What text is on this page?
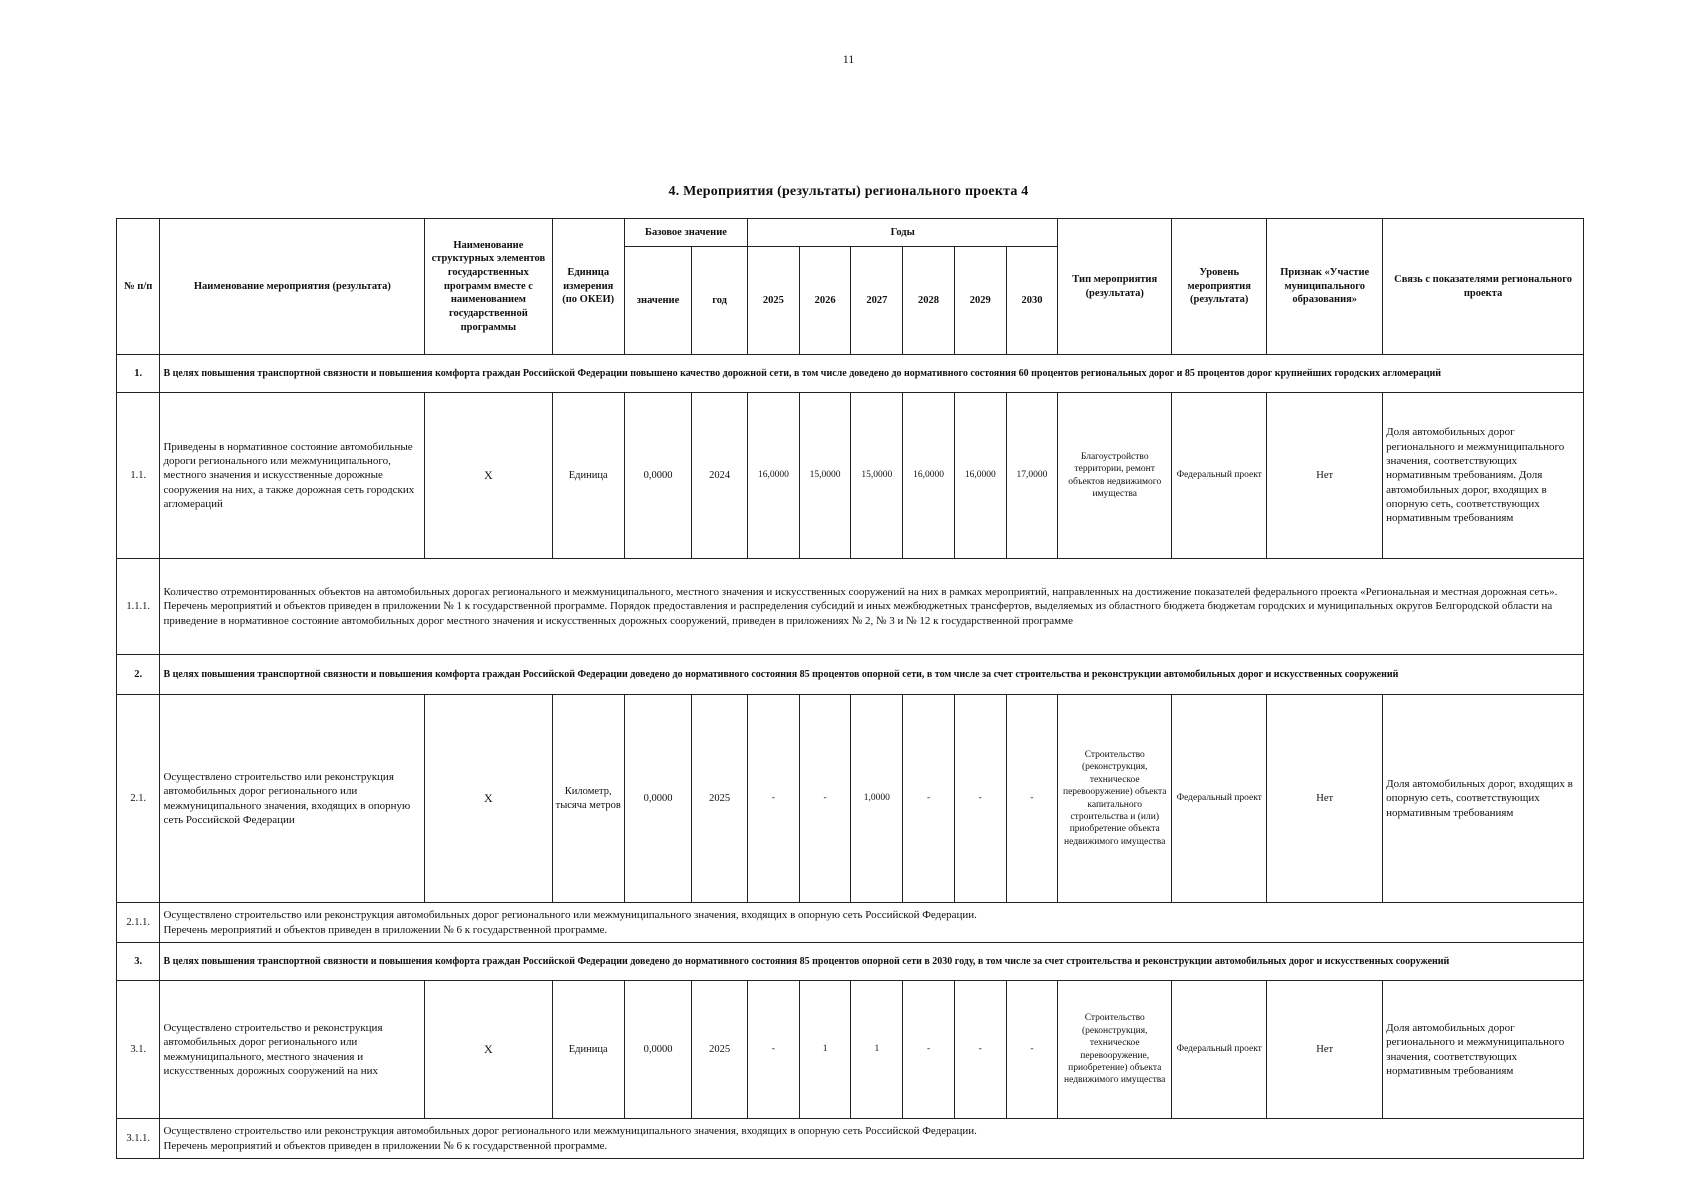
11
4. Мероприятия (результаты) регионального проекта 4
№ п/п	Наименование мероприятия (результата)	Наименование структурных элементов государственных программ вместе с наименованием государственной программы	Единица измерения (по ОКЕИ)	Базовое значение		Годы						Тип мероприятия (результата)	Уровень мероприятия (результата)	Признак «Участие муниципального образования»	Связь с показателями регионального проекта
				значение	год	2025	2026	2027	2028	2029	2030				
1.	В целях повышения транспортной связности и повышения комфорта граждан Российской Федерации повышено качество дорожной сети, в том числе доведено до нормативного состояния 60 процентов региональных дорог и 85 процентов дорог крупнейших городских агломераций														
1.1.	Приведены в нормативное состояние автомобильные дороги регионального или межмуниципального, местного значения и искусственные дорожные сооружения на них, а также дорожная сеть городских агломераций	X	Единица	0,0000	2024	16,0000	15,0000	15,0000	16,0000	16,0000	17,0000	Благоустройство территории, ремонт объектов недвижимого имущества	Федеральный проект	Нет	Доля автомобильных дорог регионального и межмуниципального значения, соответствующих нормативным требованиям. Доля автомобильных дорог, входящих в опорную сеть, соответствующих нормативным требованиям
1.1.1.	Количество отремонтированных объектов на автомобильных дорогах регионального и межмуниципального, местного значения и искусственных сооружений на них в рамках мероприятий, направленных на достижение показателей федерального проекта «Региональная и местная дорожная сеть».
Перечень мероприятий и объектов приведен в приложении № 1 к государственной программе. Порядок предоставления и распределения субсидий и иных межбюджетных трансфертов, выделяемых из областного бюджета бюджетам городских и муниципальных округов Белгородской области на приведение в нормативное состояние автомобильных дорог местного значения и искусственных дорожных сооружений, приведен в приложениях № 2, № 3 и № 12 к государственной программе														

2.	В целях повышения транспортной связности и повышения комфорта граждан Российской Федерации доведено до нормативного состояния 85 процентов опорной сети, в том числе за счет строительства и реконструкции автомобильных дорог и искусственных сооружений														
2.1.	Осуществлено строительство или реконструкция автомобильных дорог регионального или межмуниципального значения, входящих в опорную сеть Российской Федерации	X	Километр, тысяча метров	0,0000	2025	-	-	1,0000	-	-	-	Строительство (реконструкция, техническое перевооружение) объекта капитального строительства и (или) приобретение объекта недвижимого имущества	Федеральный проект	Нет	Доля автомобильных дорог, входящих в опорную сеть, соответствующих нормативным требованиям
2.1.1.	Осуществлено строительство или реконструкция автомобильных дорог регионального или межмуниципального значения, входящих в опорную сеть Российской Федерации.
Перечень мероприятий и объектов приведен в приложении № 6 к государственной программе.														

3.	В целях повышения транспортной связности и повышения комфорта граждан Российской Федерации доведено до нормативного состояния 85 процентов опорной сети в 2030 году, в том числе за счет строительства и реконструкции автомобильных дорог и искусственных сооружений														
3.1.	Осуществлено строительство и реконструкция автомобильных дорог регионального или межмуниципального, местного значения и искусственных дорожных сооружений на них	X	Единица	0,0000	2025	-	1	1	-	-	-	Строительство (реконструкция, техническое перевооружение, приобретение) объекта недвижимого имущества	Федеральный проект	Нет	Доля автомобильных дорог регионального и межмуниципального значения, соответствующих нормативным требованиям
3.1.1.	Осуществлено строительство или реконструкция автомобильных дорог регионального или межмуниципального значения, входящих в опорную сеть Российской Федерации.
Перечень мероприятий и объектов приведен в приложении № 6 к государственной программе.														
